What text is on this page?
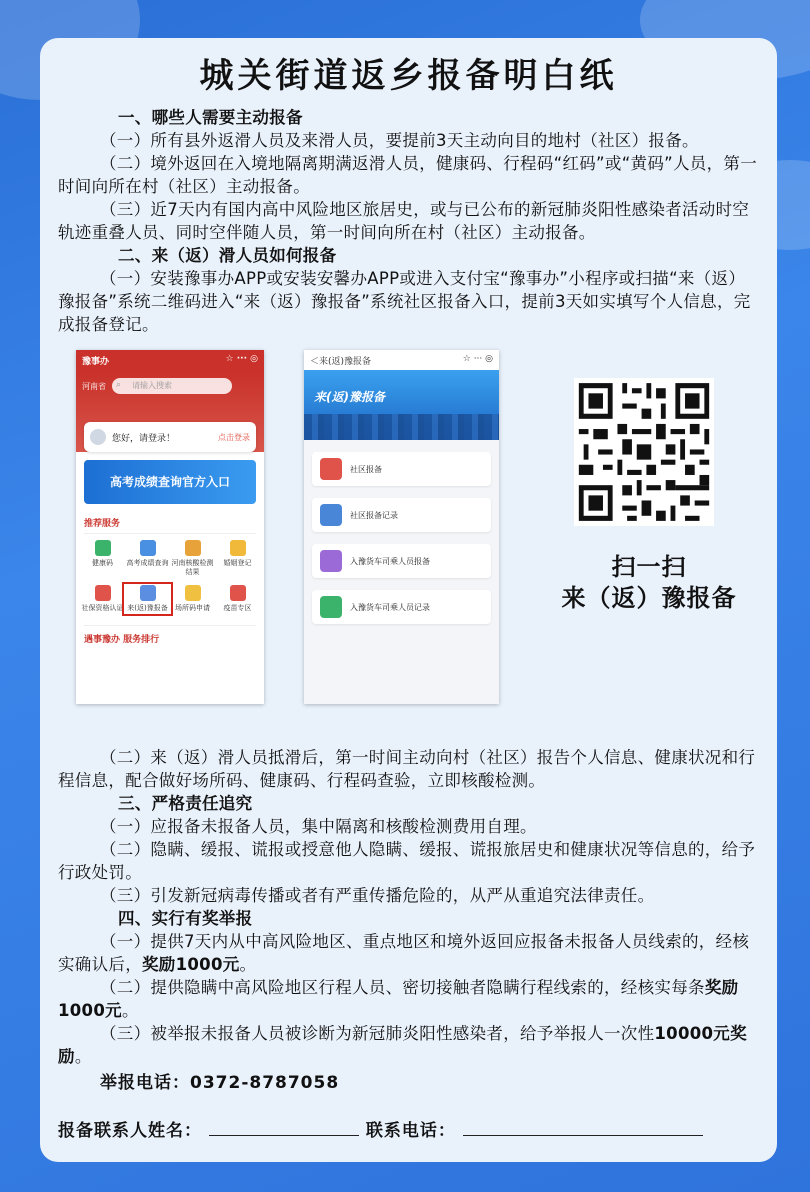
城关街道返乡报备明白纸

一、哪些人需要主动报备

（一）所有县外返滑人员及来滑人员，要提前3天主动向目的地村（社区）报备。

（二）境外返回在入境地隔离期满返滑人员，健康码、行程码“红码”或“黄码”人员，第一时间向所在村（社区）主动报备。

（三）近7天内有国内高中风险地区旅居史，或与已公布的新冠肺炎阳性感染者活动时空轨迹重叠人员、同时空伴随人员，第一时间向所在村（社区）主动报备。

二、来（返）滑人员如何报备

（一）安装豫事办APP或安装安馨办APP或进入支付宝“豫事办”小程序或扫描“来（返）豫报备”系统二维码进入“来（返）豫报备”系统社区报备入口，提前3天如实填写个人信息，完成报备登记。

豫事办	☆ ··· ◎
河南省	请输入搜索
⌕
您好，请登录！	点击登录
高考成绩查询官方入口
推荐服务
健康码	高考成绩查询 河南核酸检测结果
婚姻登记
社保资格认证 来(返)豫报备	场所码申请	疫苗专区
遇事豫办 服务排行
＜来(返)豫报备	☆ ··· ◎
来(返)豫报备
社区报备
社区报备记录
入豫货车司乘人员报备
入豫货车司乘人员记录
扫一扫
来（返）豫报备

（二）来（返）滑人员抵滑后，第一时间主动向村（社区）报告个人信息、健康状况和行程信息，配合做好场所码、健康码、行程码查验，立即核酸检测。

三、严格责任追究

（一）应报备未报备人员，集中隔离和核酸检测费用自理。

（二）隐瞒、缓报、谎报或授意他人隐瞒、缓报、谎报旅居史和健康状况等信息的，给予行政处罚。

（三）引发新冠病毒传播或者有严重传播危险的，从严从重追究法律责任。

四、实行有奖举报

（一）提供7天内从中高风险地区、重点地区和境外返回应报备未报备人员线索的，经核实确认后，奖励1000元。

（二）提供隐瞒中高风险地区行程人员、密切接触者隐瞒行程线索的，经核实每条奖励1000元。

（三）被举报未报备人员被诊断为新冠肺炎阳性感染者，给予举报人一次性10000元奖励。

举报电话：0372-8787058

报备联系人姓名：	联系电话：
